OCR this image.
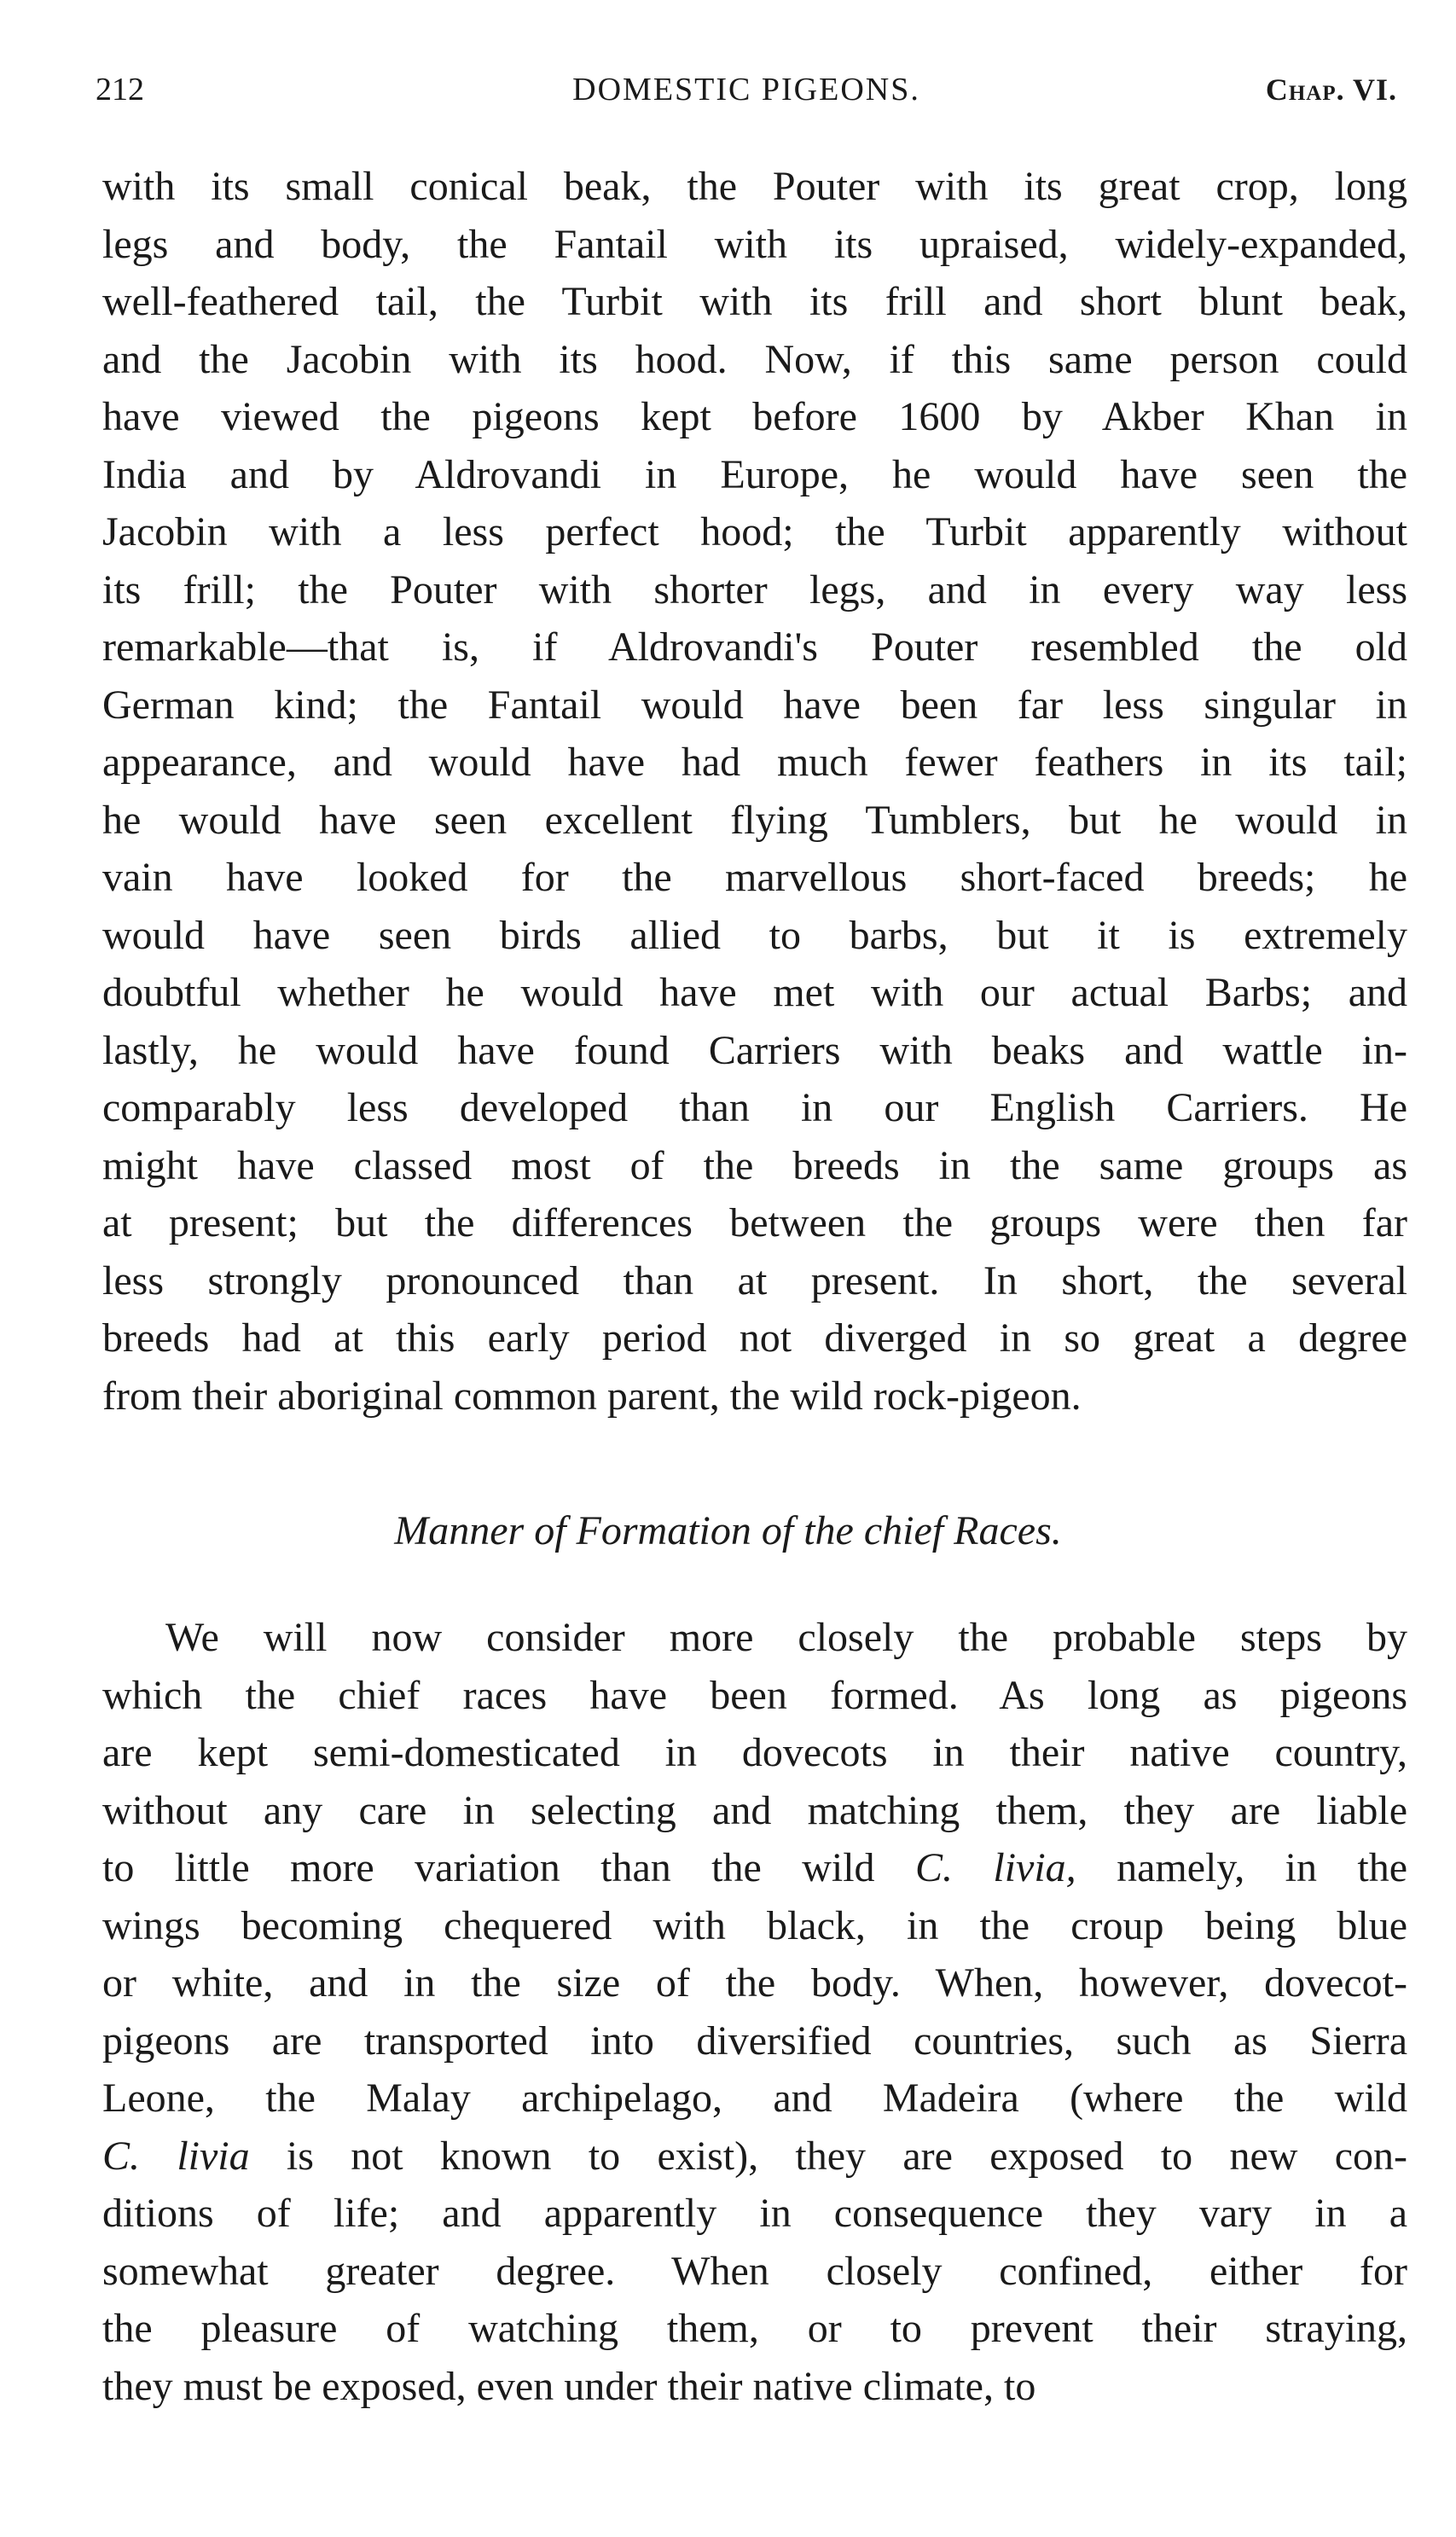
212	DOMESTIC PIGEONS.	Chap. VI.

with its small conical beak, the Pouter with its great crop, long
legs and body, the Fantail with its upraised, widely-expanded,
well-feathered tail, the Turbit with its frill and short blunt beak,
and the Jacobin with its hood. Now, if this same person could
have viewed the pigeons kept before 1600 by Akber Khan in
India and by Aldrovandi in Europe, he would have seen the
Jacobin with a less perfect hood; the Turbit apparently without
its frill; the Pouter with shorter legs, and in every way less
remarkable—that is, if Aldrovandi's Pouter resembled the old
German kind; the Fantail would have been far less singular in
appearance, and would have had much fewer feathers in its tail;
he would have seen excellent flying Tumblers, but he would in
vain have looked for the marvellous short-faced breeds; he
would have seen birds allied to barbs, but it is extremely
doubtful whether he would have met with our actual Barbs; and
lastly, he would have found Carriers with beaks and wattle in-
comparably less developed than in our English Carriers. He
might have classed most of the breeds in the same groups as
at present; but the differences between the groups were then far
less strongly pronounced than at present. In short, the several
breeds had at this early period not diverged in so great a degree
from their aboriginal common parent, the wild rock-pigeon.

Manner of Formation of the chief Races.

We will now consider more closely the probable steps by
which the chief races have been formed. As long as pigeons
are kept semi-domesticated in dovecots in their native country,
without any care in selecting and matching them, they are liable
to little more variation than the wild C. livia, namely, in the
wings becoming chequered with black, in the croup being blue
or white, and in the size of the body. When, however, dovecot-
pigeons are transported into diversified countries, such as Sierra
Leone, the Malay archipelago, and Madeira (where the wild
C. livia is not known to exist), they are exposed to new con-
ditions of life; and apparently in consequence they vary in a
somewhat greater degree. When closely confined, either for
the pleasure of watching them, or to prevent their straying,
they must be exposed, even under their native climate, to
